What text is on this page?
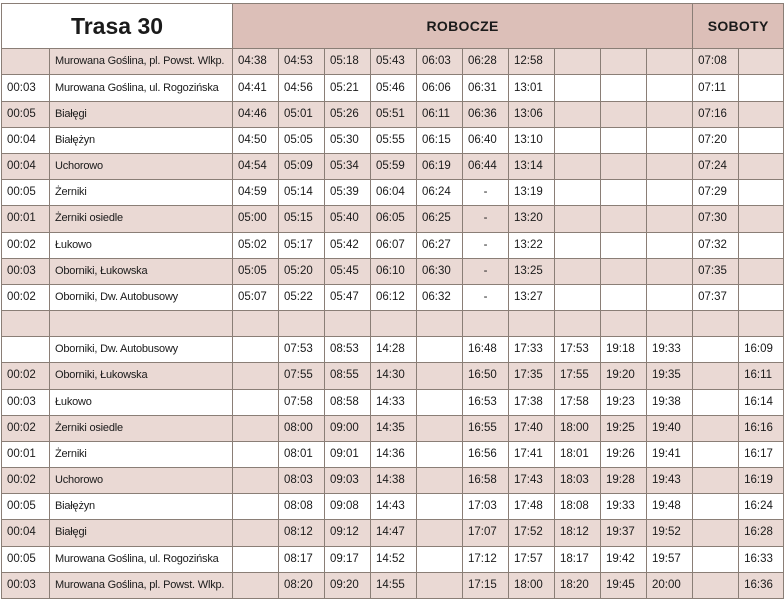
Trasa 30		ROBOCZE										SOBOTY	
	Murowana Goślina, pl. Powst. Wlkp.	04:38	04:53	05:18	05:43	06:03	06:28	12:58				07:08	
00:03	Murowana Goślina, ul. Rogozińska	04:41	04:56	05:21	05:46	06:06	06:31	13:01				07:11	
00:05	Białęgi	04:46	05:01	05:26	05:51	06:11	06:36	13:06				07:16	
00:04	Białężyn	04:50	05:05	05:30	05:55	06:15	06:40	13:10				07:20	
00:04	Uchorowo	04:54	05:09	05:34	05:59	06:19	06:44	13:14				07:24	
00:05	Żerniki	04:59	05:14	05:39	06:04	06:24	-	13:19				07:29	
00:01	Żerniki osiedle	05:00	05:15	05:40	06:05	06:25	-	13:20				07:30	
00:02	Łukowo	05:02	05:17	05:42	06:07	06:27	-	13:22				07:32	
00:03	Oborniki, Łukowska	05:05	05:20	05:45	06:10	06:30	-	13:25				07:35	
00:02	Oborniki, Dw. Autobusowy	05:07	05:22	05:47	06:12	06:32	-	13:27				07:37	

	Oborniki, Dw. Autobusowy		07:53	08:53	14:28		16:48	17:33	17:53	19:18	19:33		16:09
00:02	Oborniki, Łukowska		07:55	08:55	14:30		16:50	17:35	17:55	19:20	19:35		16:11
00:03	Łukowo		07:58	08:58	14:33		16:53	17:38	17:58	19:23	19:38		16:14
00:02	Żerniki osiedle		08:00	09:00	14:35		16:55	17:40	18:00	19:25	19:40		16:16
00:01	Żerniki		08:01	09:01	14:36		16:56	17:41	18:01	19:26	19:41		16:17
00:02	Uchorowo		08:03	09:03	14:38		16:58	17:43	18:03	19:28	19:43		16:19
00:05	Białężyn		08:08	09:08	14:43		17:03	17:48	18:08	19:33	19:48		16:24
00:04	Białęgi		08:12	09:12	14:47		17:07	17:52	18:12	19:37	19:52		16:28
00:05	Murowana Goślina, ul. Rogozińska		08:17	09:17	14:52		17:12	17:57	18:17	19:42	19:57		16:33
00:03	Murowana Goślina, pl. Powst. Wlkp.		08:20	09:20	14:55		17:15	18:00	18:20	19:45	20:00		16:36
